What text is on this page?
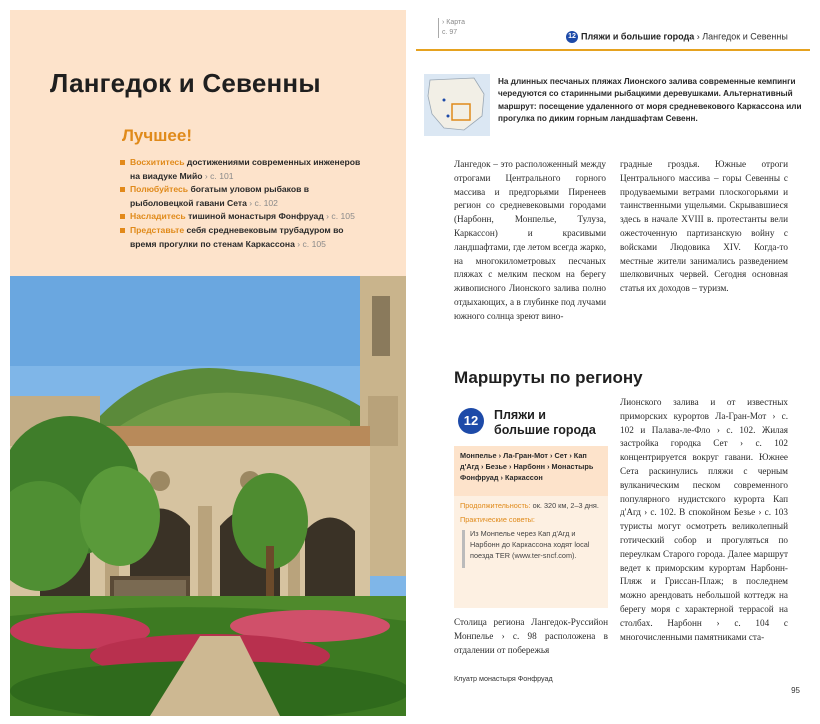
Лангедок и Севенны
Лучшее!
Восхититесь достижениями современных инженеров на виадуке Мийо › с. 101
Полюбуйтесь богатым уловом рыбаков в рыболовецкой гавани Сета › с. 102
Насладитесь тишиной монастыря Фонфруад › с. 105
Представьте себя средневековым трубадуром во время прогулки по стенам Каркассона › с. 105
› Карта
с. 97
12 Пляжи и большие города › Лангедок и Севенны
На длинных песчаных пляжах Лионского залива современные кемпинги чередуются со старинными рыбацкими деревушками. Альтернативный маршрут: посещение удаленного от моря средневекового Каркассона или прогулка по диким горным ландшафтам Севенн.
Лангедок – это расположенный между отрогами Центрального горного массива и предгорьями Пиренеев регион со средневековыми городами (Нарбонн, Монпелье, Тулуза, Каркассон) и красивыми ландшафтами, где летом всегда жарко, на многокилометровых песчаных пляжах с мелким песком на берегу живописного Лионского залива полно отдыхающих, а в глубинке под лучами южного солнца зреют вино-
градные гроздья. Южные отроги Центрального массива – горы Севенны с продуваемыми ветрами плоскогорьями и таинственными ущельями. Скрывавшиеся здесь в начале XVIII в. протестанты вели ожесточенную партизанскую войну с войсками Людовика XIV. Когда-то местные жители занимались разведением шелковичных червей. Сегодня основная статья их доходов – туризм.
Маршруты по региону
12	Пляжи и большие города
Монпелье › Ла-Гран-Мот › Сет › Кап д'Агд › Безье › Нарбонн › Монастырь Фонфруад › Каркассон
Продолжительность: ок. 320 км, 2–3 дня.
Практические советы:
Из Монпелье через Кап д'Агд и Нарбонн до Каркассона ходят local поезда TER (www.ter-sncf.com).
Столица региона Лангедок-Руссийон Монпелье › с. 98 расположена в отдалении от побережья
Клуатр монастыря Фонфруад
Лионского залива и от известных приморских курортов Ла-Гран-Мот › с. 102 и Палава-ле-Фло › с. 102. Жилая застройка городка Сет › с. 102 концентрируется вокруг гавани. Южнее Сета раскинулись пляжи с черным вулканическим песком современного популярного нудистского курорта Кап д'Агд › с. 102. В спокойном Безье › с. 103 туристы могут осмотреть великолепный готический собор и прогуляться по переулкам Старого города. Далее маршрут ведет к приморским курортам Нарбонн-Пляж и Гриссан-Плаж; в последнем можно арендовать небольшой коттедж на берегу моря с характерной террасой на столбах. Нарбонн › с. 104 с многочисленными памятниками ста-
95
